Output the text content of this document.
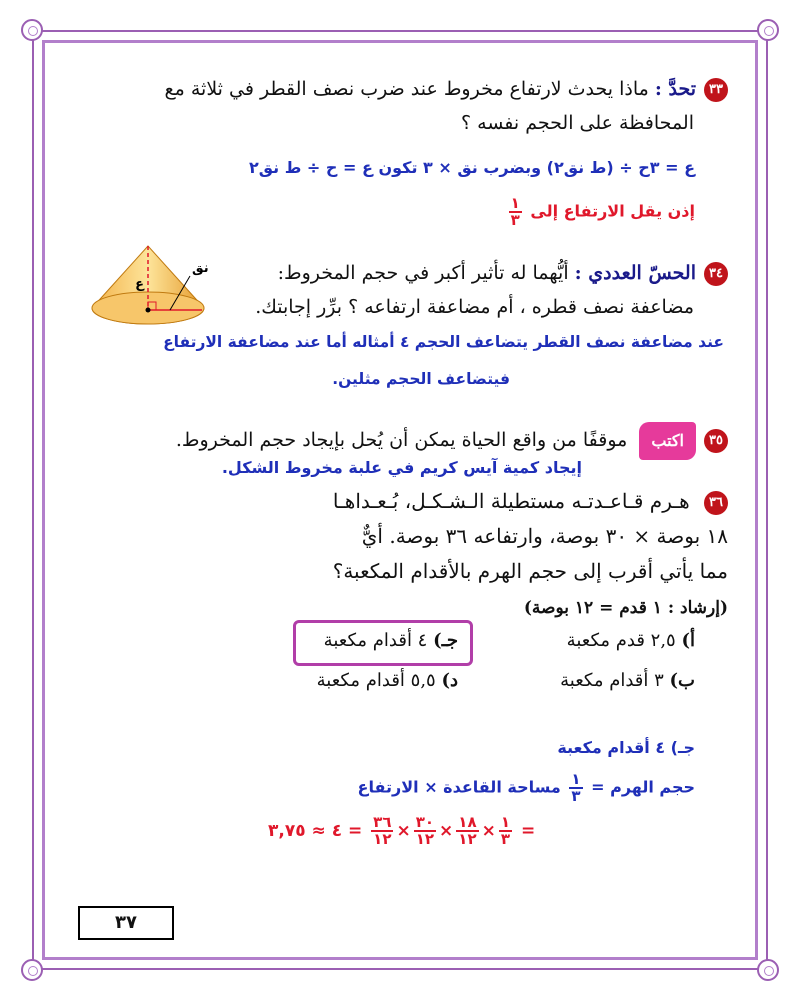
٣٣تحدَّ : ماذا يحدث لارتفاع مخروط عند ضرب نصف القطر في ثلاثة مع
المحافظة على الحجم نفسه ؟
ع = ٣ح ÷ (ط نق٢) وبضرب نق × ٣ تكون ع = ح ÷ ط نق٢
إذن يقل الارتفاع إلى
$\frac{١}{٣}$
٣٤الحسّ العددي : أيُّهما له تأثير أكبر في حجم المخروط:
مضاعفة نصف قطره ، أم مضاعفة ارتفاعه ؟ برِّر إجابتك.
ع
نق
عند مضاعفة نصف القطر يتضاعف الحجم ٤ أمثاله أما عند مضاعفة الارتفاع
فيتضاعف الحجم مثلين.
٣٥اكتب موقفًا من واقع الحياة يمكن أن يُحل بإيجاد حجم المخروط.
إيجاد كمية آيس كريم في علبة مخروط الشكل.
٣٦ هـرم قـاعـدتـه مستطيلة الـشـكـل، بُـعـداهـا
١٨ بوصة × ٣٠ بوصة، وارتفاعه ٣٦ بوصة. أيٌّ
مما يأتي أقرب إلى حجم الهرم بالأقدام المكعبة؟
(إرشاد : ١ قدم = ١٢ بوصة)
أ) ٢,٥ قدم مكعبة
جـ) ٤ أقدام مكعبة
ب) ٣ أقدام مكعبة
د) ٥,٥ أقدام مكعبة
جـ) ٤ أقدام مكعبة
حجم الهرم =
$\frac{١}{٣}$
مساحة القاعدة × الارتفاع
٤ ≈ ٣,٧٥ = $\frac{٣٦}{١٢} \times \frac{٣٠}{١٢} \times \frac{١٨}{١٢} \times \frac{١}{٣}$ =
٣٧
